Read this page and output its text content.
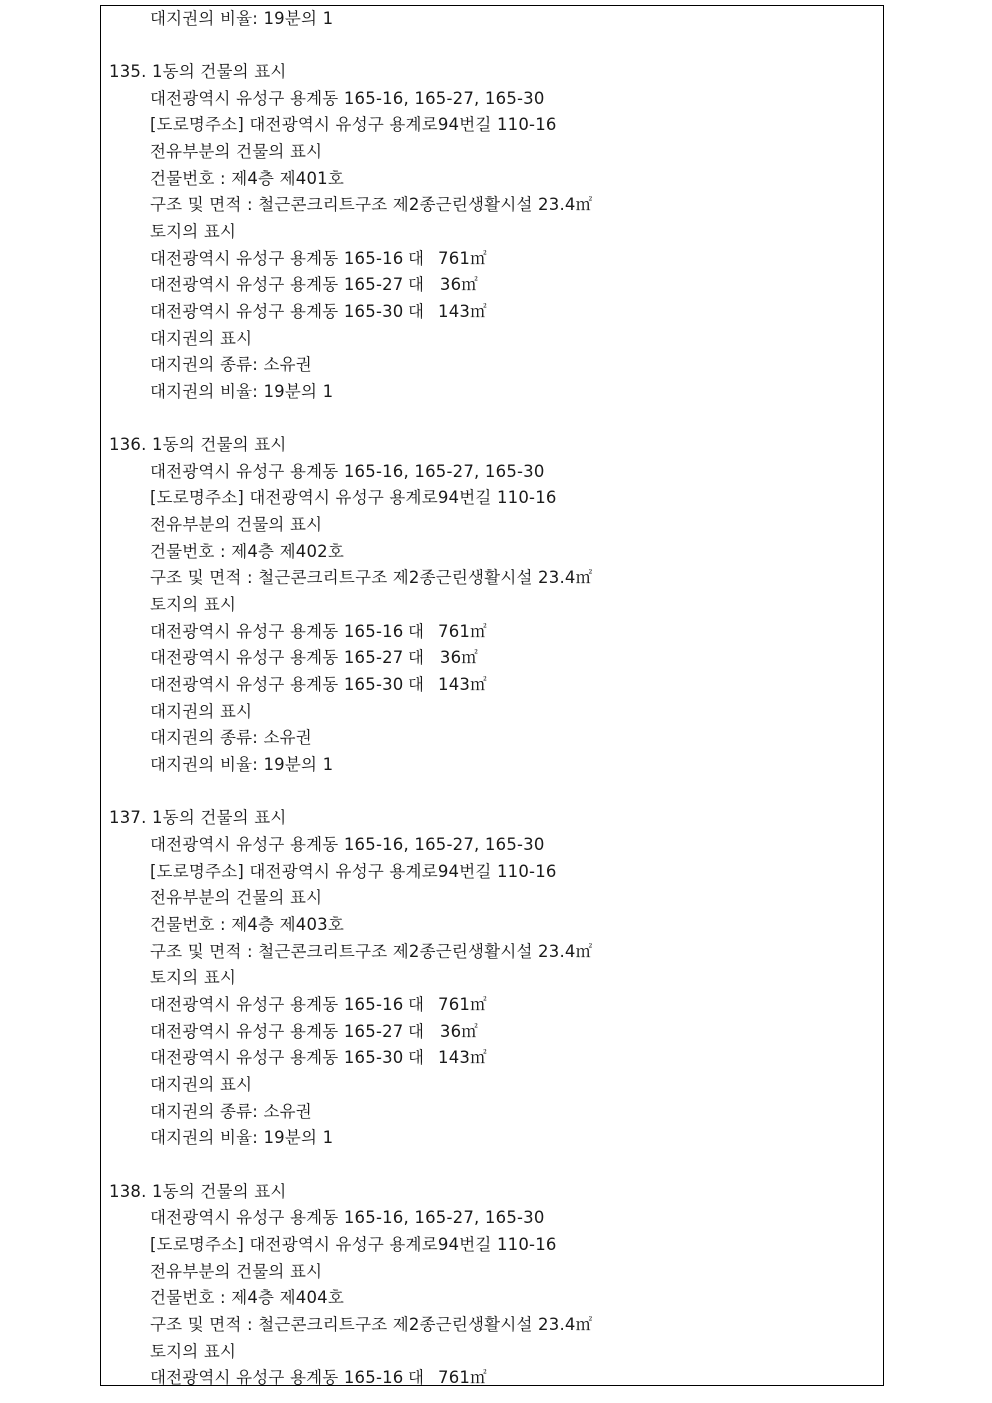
대지권의 비율: 19분의 1
135. 1동의 건물의 표시
대전광역시 유성구 용계동 165-16, 165-27, 165-30
[도로명주소] 대전광역시 유성구 용계로94번길 110-16
전유부분의 건물의 표시
건물번호 : 제4층 제401호
구조 및 면적 : 철근콘크리트구조 제2종근린생활시설 23.4㎡
토지의 표시

대전광역시 유성구 용계동 165-16

대

761㎡

대전광역시 유성구 용계동 165-27

대

36㎡

대전광역시 유성구 용계동 165-30

대

143㎡

대지권의 표시
대지권의 종류: 소유권
대지권의 비율: 19분의 1
136. 1동의 건물의 표시
대전광역시 유성구 용계동 165-16, 165-27, 165-30
[도로명주소] 대전광역시 유성구 용계로94번길 110-16
전유부분의 건물의 표시
건물번호 : 제4층 제402호
구조 및 면적 : 철근콘크리트구조 제2종근린생활시설 23.4㎡
토지의 표시

대전광역시 유성구 용계동 165-16

대

761㎡

대전광역시 유성구 용계동 165-27

대

36㎡

대전광역시 유성구 용계동 165-30

대

143㎡

대지권의 표시
대지권의 종류: 소유권
대지권의 비율: 19분의 1
137. 1동의 건물의 표시
대전광역시 유성구 용계동 165-16, 165-27, 165-30
[도로명주소] 대전광역시 유성구 용계로94번길 110-16
전유부분의 건물의 표시
건물번호 : 제4층 제403호
구조 및 면적 : 철근콘크리트구조 제2종근린생활시설 23.4㎡
토지의 표시

대전광역시 유성구 용계동 165-16

대

761㎡

대전광역시 유성구 용계동 165-27

대

36㎡

대전광역시 유성구 용계동 165-30

대

143㎡

대지권의 표시
대지권의 종류: 소유권
대지권의 비율: 19분의 1
138. 1동의 건물의 표시
대전광역시 유성구 용계동 165-16, 165-27, 165-30
[도로명주소] 대전광역시 유성구 용계로94번길 110-16
전유부분의 건물의 표시
건물번호 : 제4층 제404호
구조 및 면적 : 철근콘크리트구조 제2종근린생활시설 23.4㎡
토지의 표시

대전광역시 유성구 용계동 165-16

대

761㎡
